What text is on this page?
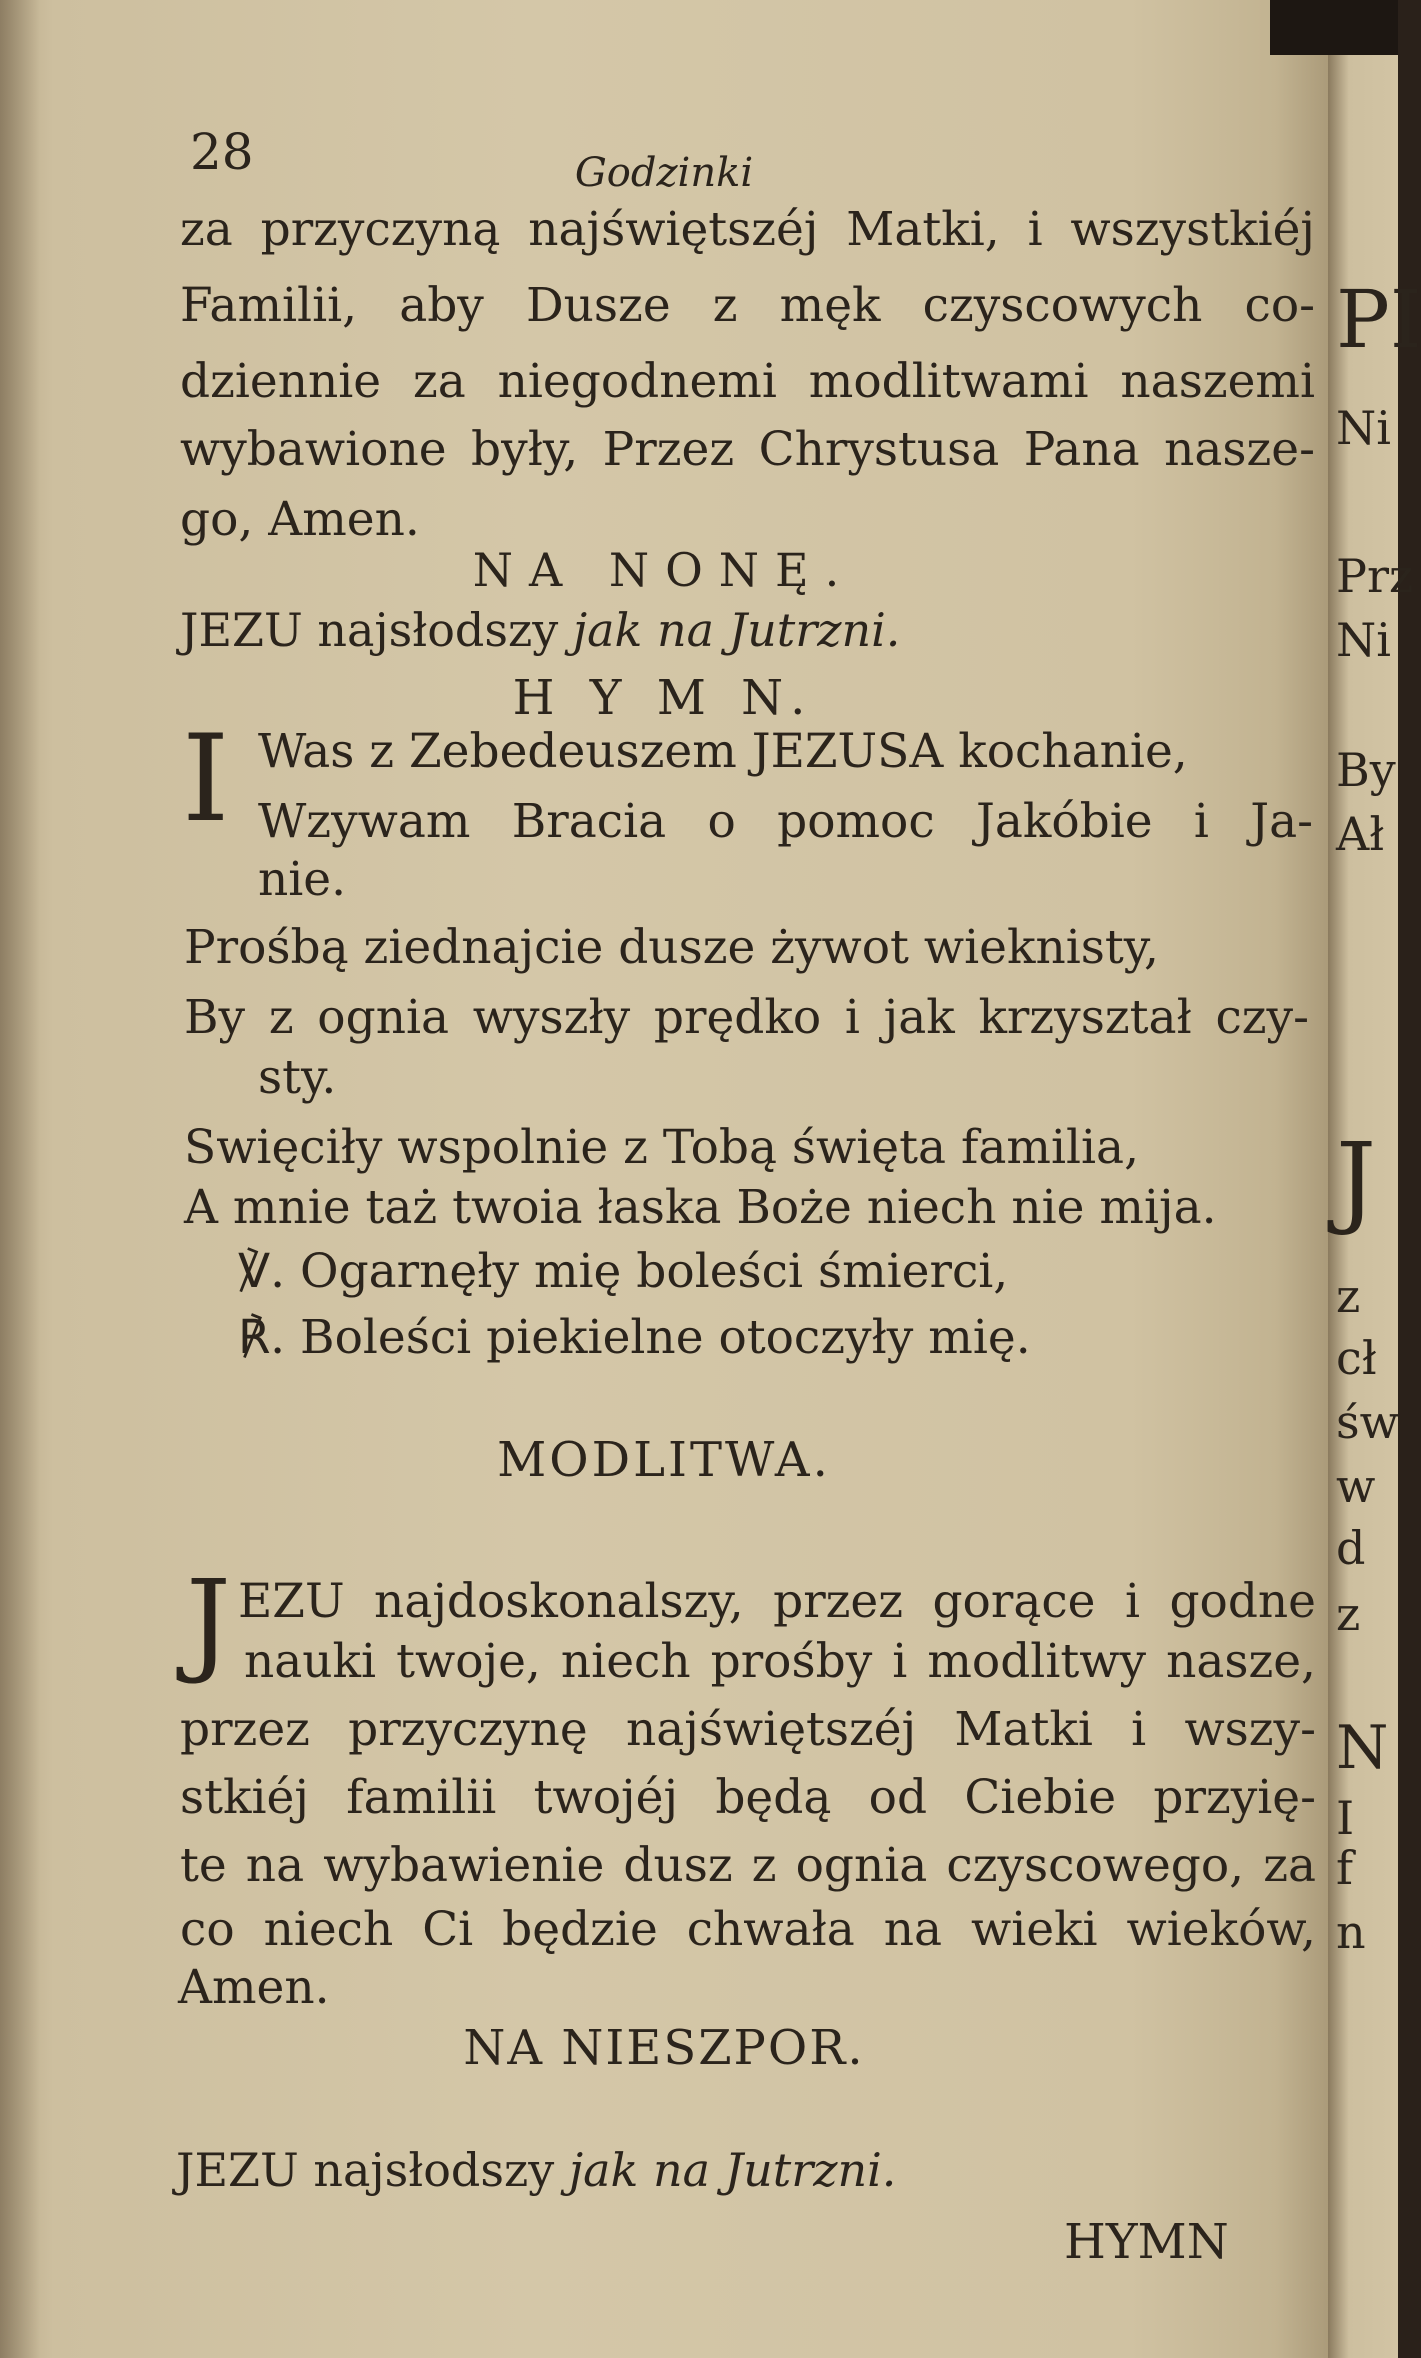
28	Godzinki
za przyczyną najświętszéj Matki, i wszystkiéj
Familii, aby Dusze z męk czyscowych co-
dziennie za niegodnemi modlitwami naszemi
wybawione były, Przez Chrystusa Pana nasze-
go, Amen.
NA NONĘ.
JEZU najsłodszy jak na Jutrzni.
H Y M N.
I Was z Zebedeuszem JEZUSA kochanie,
Wzywam Bracia o pomoc Jakóbie i Ja-
nie.
Prośbą ziednajcie dusze żywot wieknisty,
By z ognia wyszły prędko i jak krzyształ czy-
sty.
Swięciły wspolnie z Tobą święta familia,
A mnie taż twoia łaska Boże niech nie mija.
℣. Ogarnęły mię boleści śmierci,
℟. Boleści piekielne otoczyły mię.
MODLITWA.
J EZU najdoskonalszy, przez gorące i godne
nauki twoje, niech prośby i modlitwy nasze,
przez przyczynę najświętszéj Matki i wszy-
stkiéj familii twojéj będą od Ciebie przyię-
te na wybawienie dusz z ognia czyscowego, za
co niech Ci będzie chwała na wieki wieków,
Amen.
NA NIESZPOR.
JEZU najsłodszy jak na Jutrzni.
HYMN
PI
Ni
Prz
Ni
By
Ał
J
z
cł
św
w
d
z
N
I
f
n
